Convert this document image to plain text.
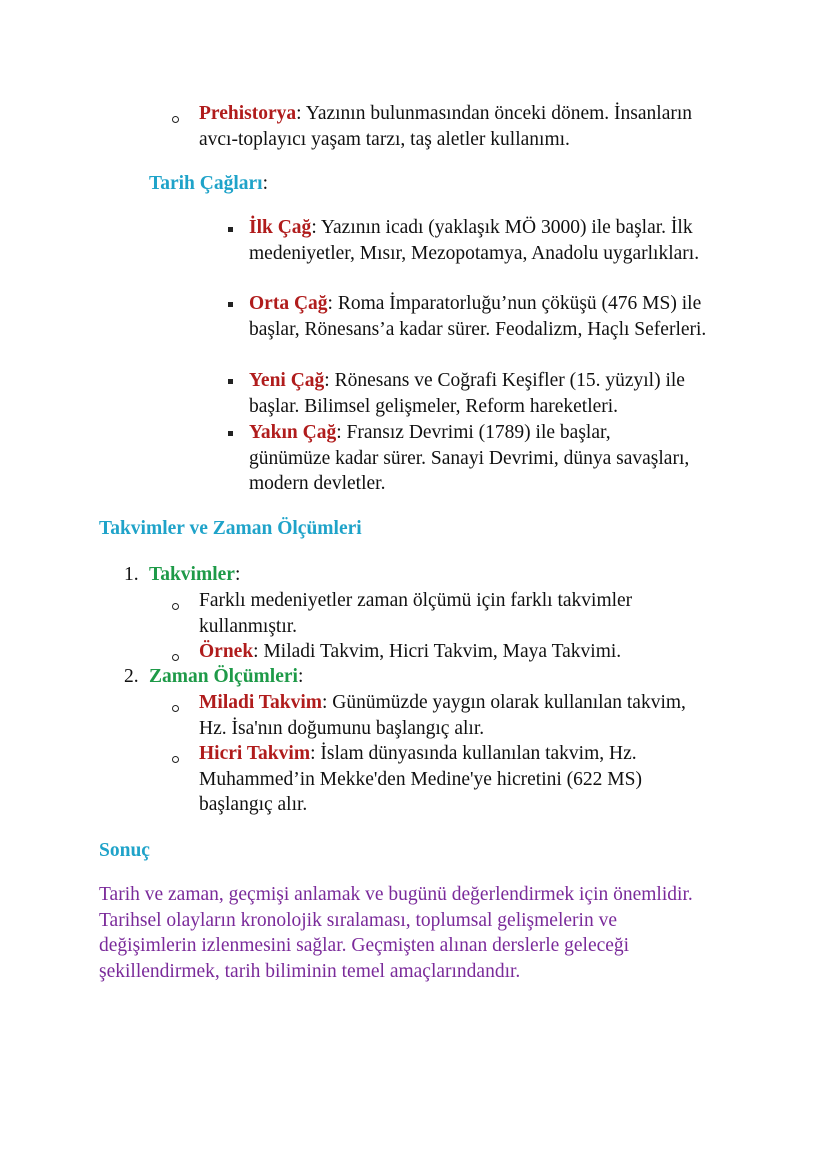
Prehistorya: Yazının bulunmasından önceki dönem. İnsanların avcı-toplayıcı yaşam tarzı, taş aletler kullanımı.

Tarih Çağları:

İlk Çağ: Yazının icadı (yaklaşık MÖ 3000) ile başlar. İlk medeniyetler, Mısır, Mezopotamya, Anadolu uygarlıkları.

Orta Çağ: Roma İmparatorluğu’nun çöküşü (476 MS) ile başlar, Rönesans’a kadar sürer. Feodalizm, Haçlı Seferleri.

Yeni Çağ: Rönesans ve Coğrafi Keşifler (15. yüzyıl) ile başlar. Bilimsel gelişmeler, Reform hareketleri.

Yakın Çağ: Fransız Devrimi (1789) ile başlar, günümüze kadar sürer. Sanayi Devrimi, dünya savaşları, modern devletler.

Takvimler ve Zaman Ölçümleri

1. Takvimler:

Farklı medeniyetler zaman ölçümü için farklı takvimler kullanmıştır.

Örnek: Miladi Takvim, Hicri Takvim, Maya Takvimi.

2. Zaman Ölçümleri:

Miladi Takvim: Günümüzde yaygın olarak kullanılan takvim, Hz. İsa'nın doğumunu başlangıç alır.

Hicri Takvim: İslam dünyasında kullanılan takvim, Hz. Muhammed’in Mekke'den Medine'ye hicretini (622 MS) başlangıç alır.

Sonuç

Tarih ve zaman, geçmişi anlamak ve bugünü değerlendirmek için önemlidir. Tarihsel olayların kronolojik sıralaması, toplumsal gelişmelerin ve değişimlerin izlenmesini sağlar. Geçmişten alınan derslerle geleceği şekillendirmek, tarih biliminin temel amaçlarındandır.
